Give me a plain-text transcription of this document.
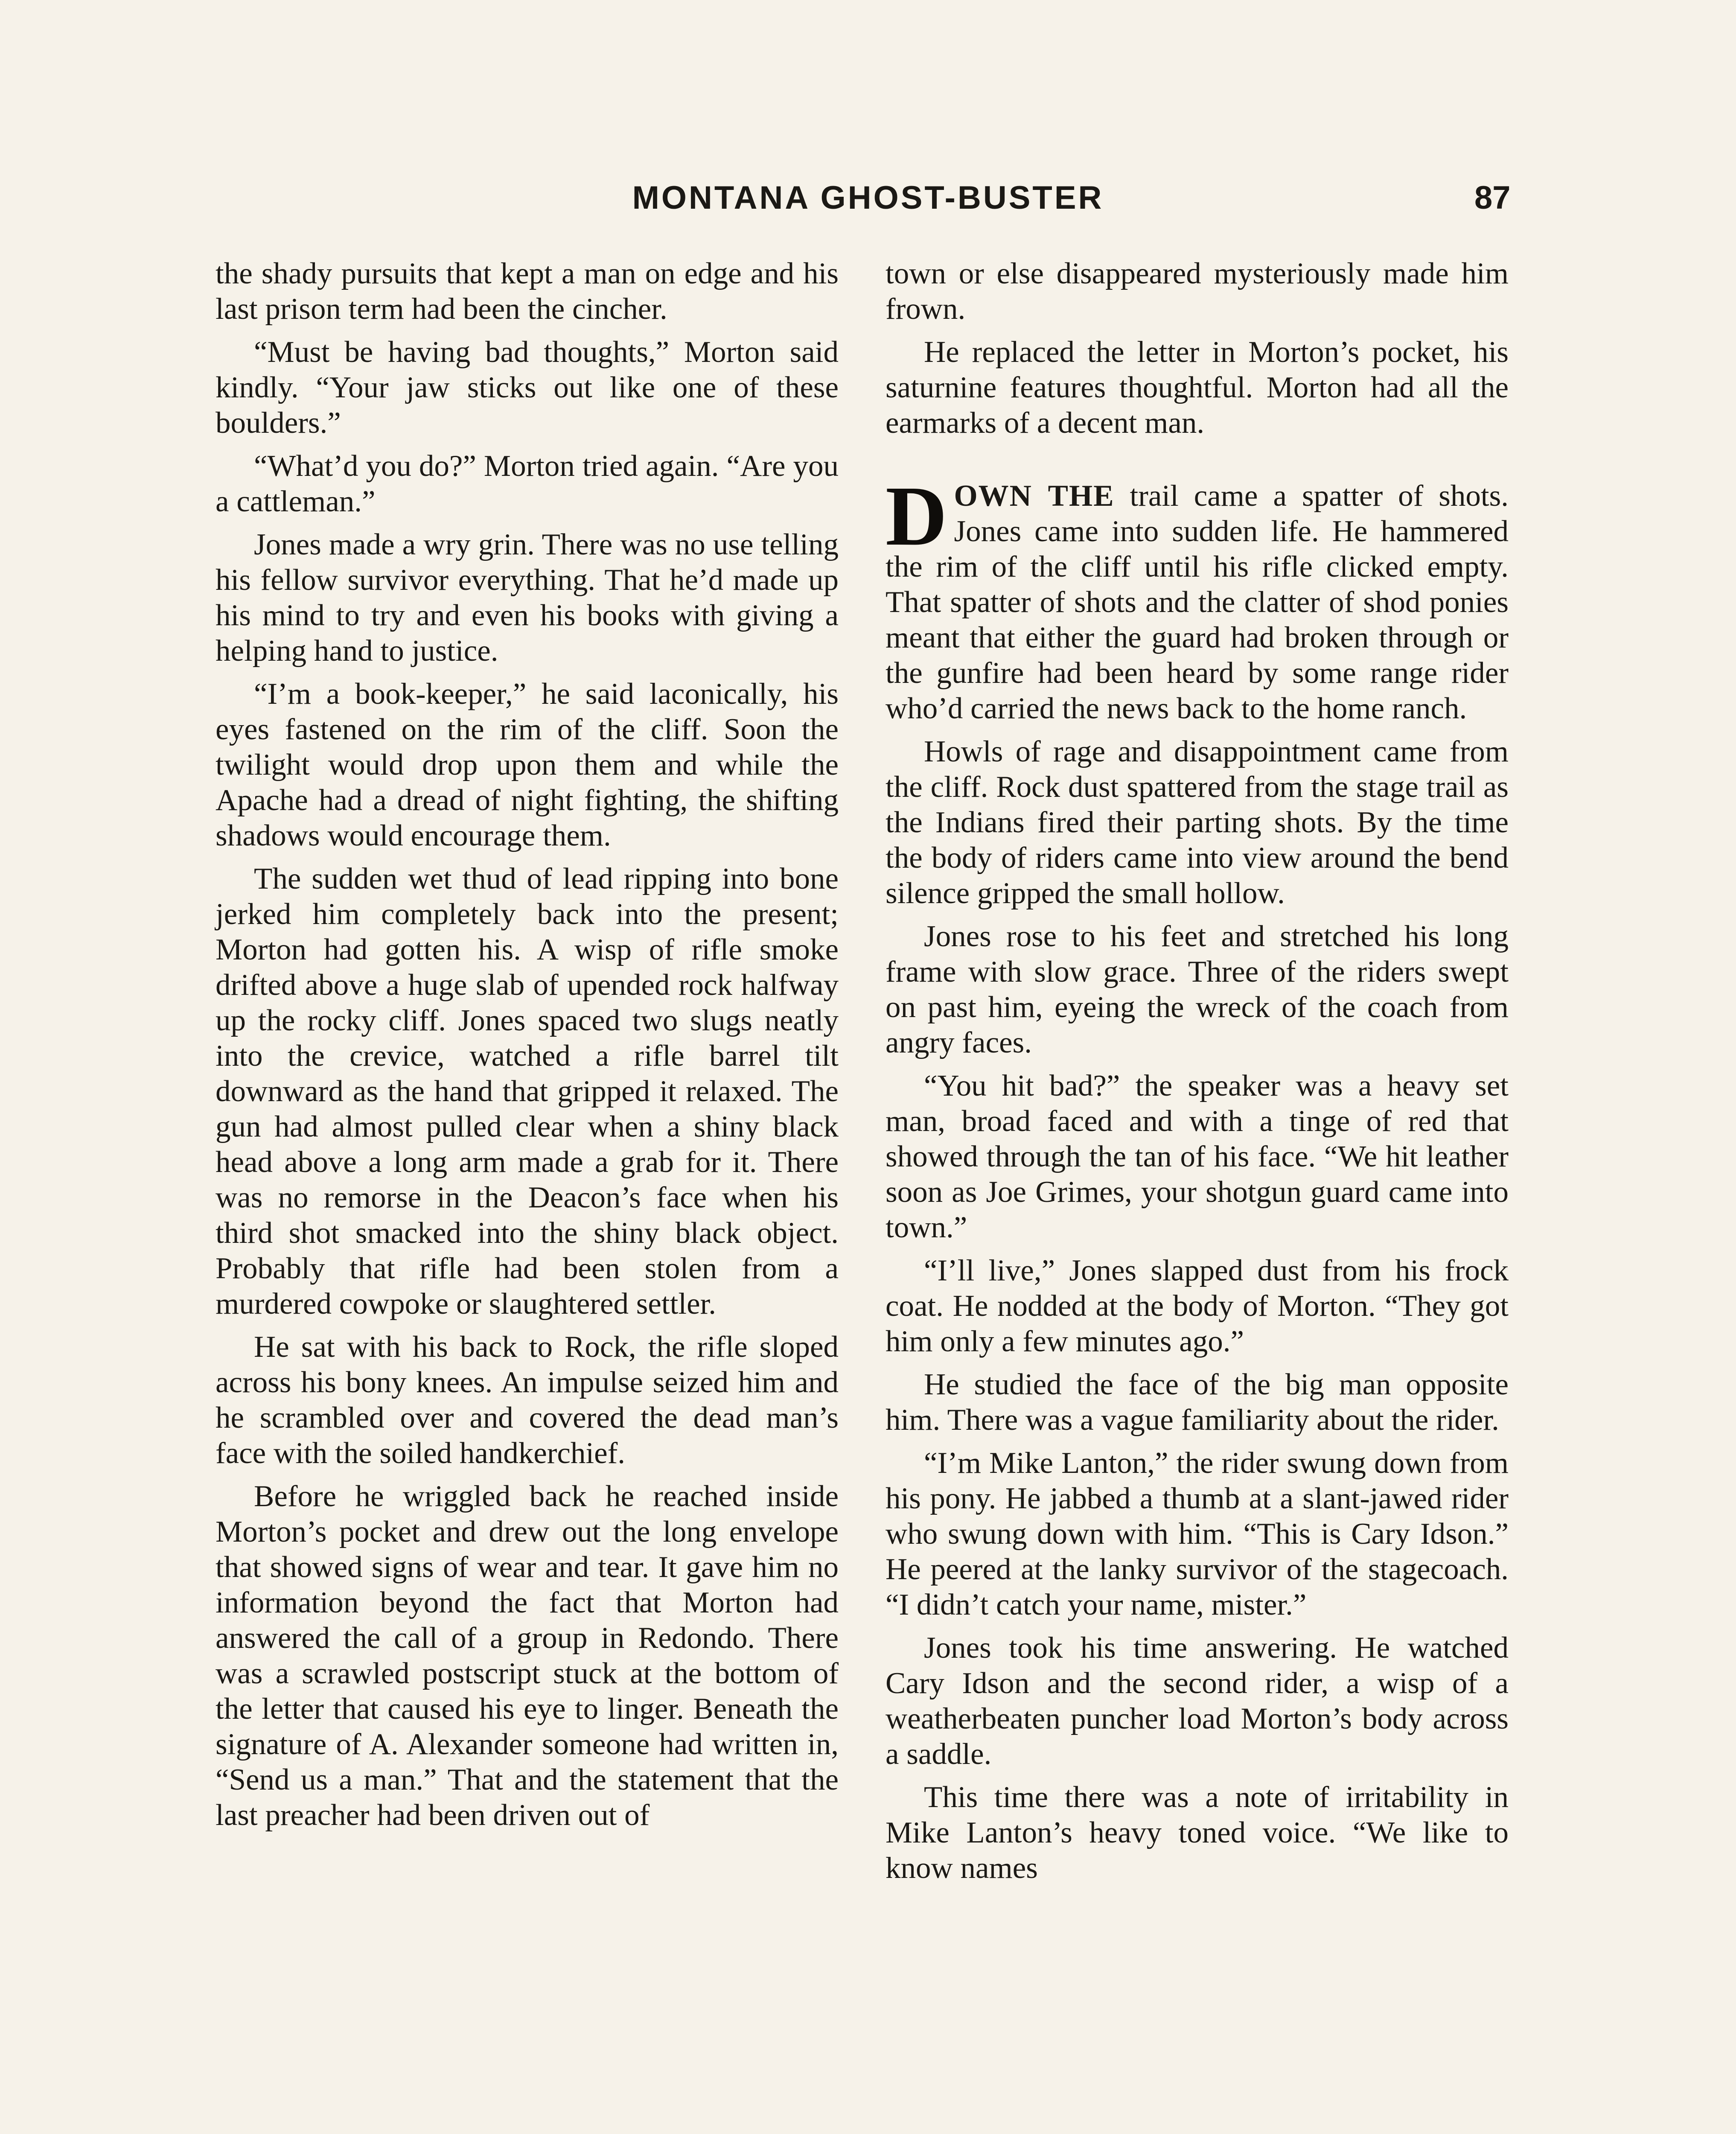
MONTANA GHOST-BUSTER	87

the shady pursuits that kept a man on edge and his last prison term had been the cincher.

“Must be having bad thoughts,” Morton said kindly. “Your jaw sticks out like one of these boulders.”

“What’d you do?” Morton tried again. “Are you a cattleman.”

Jones made a wry grin. There was no use telling his fellow survivor everything. That he’d made up his mind to try and even his books with giving a helping hand to justice.

“I’m a book-keeper,” he said laconically, his eyes fastened on the rim of the cliff. Soon the twilight would drop upon them and while the Apache had a dread of night fighting, the shifting shadows would encourage them.

The sudden wet thud of lead ripping into bone jerked him completely back into the present; Morton had gotten his. A wisp of rifle smoke drifted above a huge slab of upended rock halfway up the rocky cliff. Jones spaced two slugs neatly into the crevice, watched a rifle barrel tilt downward as the hand that gripped it relaxed. The gun had almost pulled clear when a shiny black head above a long arm made a grab for it. There was no remorse in the Deacon’s face when his third shot smacked into the shiny black object. Probably that rifle had been stolen from a murdered cowpoke or slaughtered settler.

He sat with his back to Rock, the rifle sloped across his bony knees. An impulse seized him and he scrambled over and covered the dead man’s face with the soiled handkerchief.

Before he wriggled back he reached inside Morton’s pocket and drew out the long envelope that showed signs of wear and tear. It gave him no information beyond the fact that Morton had answered the call of a group in Redondo. There was a scrawled postscript stuck at the bottom of the letter that caused his eye to linger. Beneath the signature of A. Alexander someone had written in, “Send us a man.” That and the statement that the last preacher had been driven out of

town or else disappeared mysteriously made him frown.

He replaced the letter in Morton’s pocket, his saturnine features thoughtful. Morton had all the earmarks of a decent man.

DOWN THE trail came a spatter of shots. Jones came into sudden life. He hammered the rim of the cliff until his rifle clicked empty. That spatter of shots and the clatter of shod ponies meant that either the guard had broken through or the gunfire had been heard by some range rider who’d carried the news back to the home ranch.

Howls of rage and disappointment came from the cliff. Rock dust spattered from the stage trail as the Indians fired their parting shots. By the time the body of riders came into view around the bend silence gripped the small hollow.

Jones rose to his feet and stretched his long frame with slow grace. Three of the riders swept on past him, eyeing the wreck of the coach from angry faces.

“You hit bad?” the speaker was a heavy set man, broad faced and with a tinge of red that showed through the tan of his face. “We hit leather soon as Joe Grimes, your shotgun guard came into town.”

“I’ll live,” Jones slapped dust from his frock coat. He nodded at the body of Morton. “They got him only a few minutes ago.”

He studied the face of the big man opposite him. There was a vague familiarity about the rider.

“I’m Mike Lanton,” the rider swung down from his pony. He jabbed a thumb at a slant-jawed rider who swung down with him. “This is Cary Idson.” He peered at the lanky survivor of the stagecoach. “I didn’t catch your name, mister.”

Jones took his time answering. He watched Cary Idson and the second rider, a wisp of a weatherbeaten puncher load Morton’s body across a saddle.

This time there was a note of irritability in Mike Lanton’s heavy toned voice. “We like to know names
